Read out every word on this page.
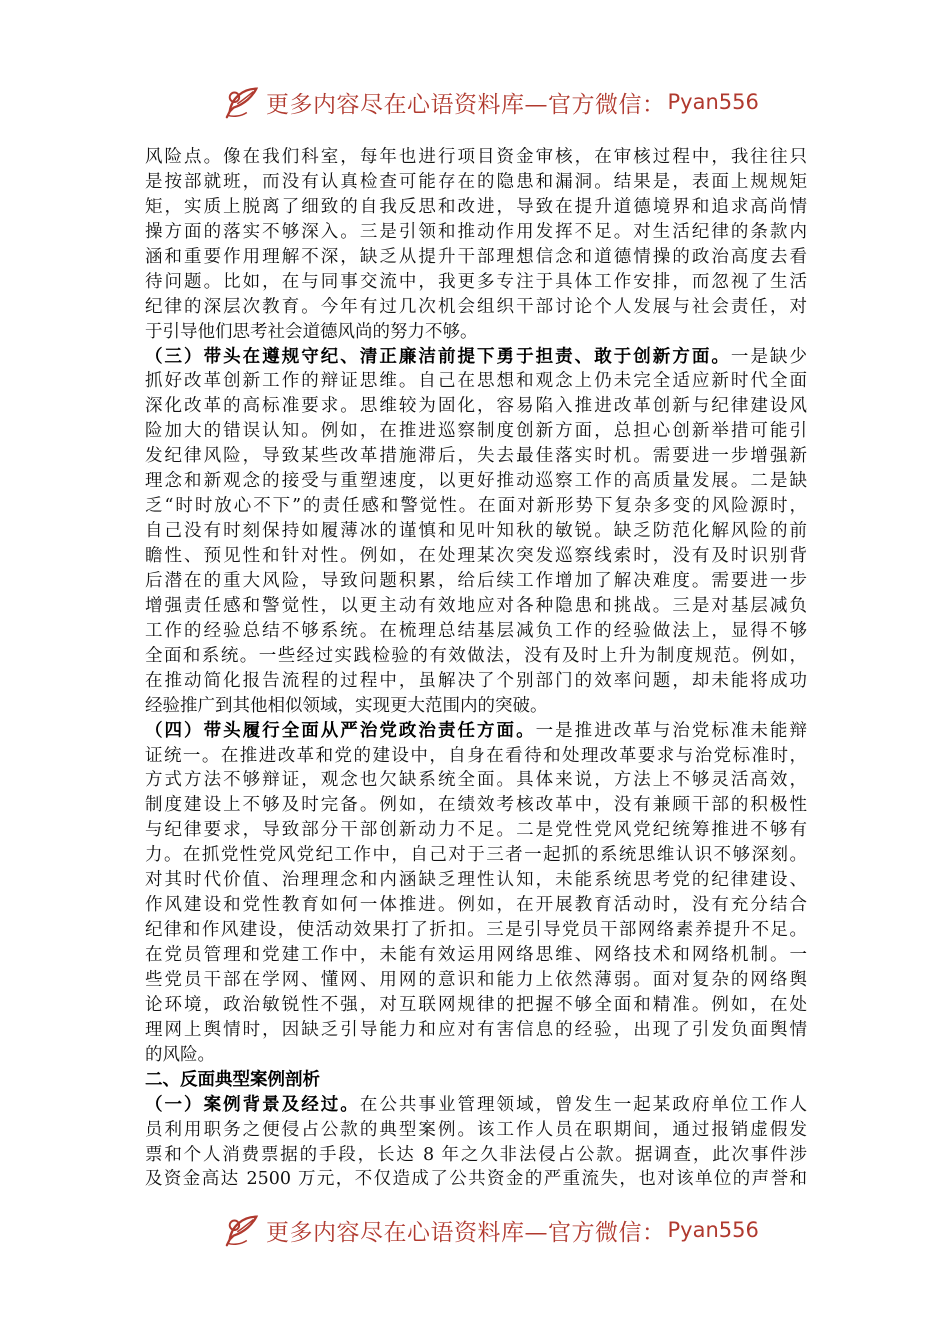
更多内容尽在心语资料库—官方微信： Pyan556
风险点。像在我们科室，每年也进行项目资金审核，在审核过程中，我往往只
是按部就班，而没有认真检查可能存在的隐患和漏洞。结果是，表面上规规矩
矩，实质上脱离了细致的自我反思和改进，导致在提升道德境界和追求高尚情
操方面的落实不够深入。三是引领和推动作用发挥不足。对生活纪律的条款内
涵和重要作用理解不深，缺乏从提升干部理想信念和道德情操的政治高度去看
待问题。比如，在与同事交流中，我更多专注于具体工作安排，而忽视了生活
纪律的深层次教育。今年有过几次机会组织干部讨论个人发展与社会责任，对
于引导他们思考社会道德风尚的努力不够。
（三）带头在遵规守纪、清正廉洁前提下勇于担责、敢于创新方面。一是缺少
抓好改革创新工作的辩证思维。自己在思想和观念上仍未完全适应新时代全面
深化改革的高标准要求。思维较为固化，容易陷入推进改革创新与纪律建设风
险加大的错误认知。例如，在推进巡察制度创新方面，总担心创新举措可能引
发纪律风险，导致某些改革措施滞后，失去最佳落实时机。需要进一步增强新
理念和新观念的接受与重塑速度，以更好推动巡察工作的高质量发展。二是缺
乏“时时放心不下”的责任感和警觉性。在面对新形势下复杂多变的风险源时，
自己没有时刻保持如履薄冰的谨慎和见叶知秋的敏锐。缺乏防范化解风险的前
瞻性、预见性和针对性。例如，在处理某次突发巡察线索时，没有及时识别背
后潜在的重大风险，导致问题积累，给后续工作增加了解决难度。需要进一步
增强责任感和警觉性，以更主动有效地应对各种隐患和挑战。三是对基层减负
工作的经验总结不够系统。在梳理总结基层减负工作的经验做法上，显得不够
全面和系统。一些经过实践检验的有效做法，没有及时上升为制度规范。例如，
在推动简化报告流程的过程中，虽解决了个别部门的效率问题，却未能将成功
经验推广到其他相似领域，实现更大范围内的突破。
（四）带头履行全面从严治党政治责任方面。一是推进改革与治党标准未能辩
证统一。在推进改革和党的建设中，自身在看待和处理改革要求与治党标准时，
方式方法不够辩证，观念也欠缺系统全面。具体来说，方法上不够灵活高效，
制度建设上不够及时完备。例如，在绩效考核改革中，没有兼顾干部的积极性
与纪律要求，导致部分干部创新动力不足。二是党性党风党纪统筹推进不够有
力。在抓党性党风党纪工作中，自己对于三者一起抓的系统思维认识不够深刻。
对其时代价值、治理理念和内涵缺乏理性认知，未能系统思考党的纪律建设、
作风建设和党性教育如何一体推进。例如，在开展教育活动时，没有充分结合
纪律和作风建设，使活动效果打了折扣。三是引导党员干部网络素养提升不足。
在党员管理和党建工作中，未能有效运用网络思维、网络技术和网络机制。一
些党员干部在学网、懂网、用网的意识和能力上依然薄弱。面对复杂的网络舆
论环境，政治敏锐性不强，对互联网规律的把握不够全面和精准。例如，在处
理网上舆情时，因缺乏引导能力和应对有害信息的经验，出现了引发负面舆情
的风险。
二、反面典型案例剖析
（一）案例背景及经过。在公共事业管理领域，曾发生一起某政府单位工作人
员利用职务之便侵占公款的典型案例。该工作人员在职期间，通过报销虚假发
票和个人消费票据的手段，长达 8 年之久非法侵占公款。据调查，此次事件涉
及资金高达 2500 万元，不仅造成了公共资金的严重流失，也对该单位的声誉和
更多内容尽在心语资料库—官方微信： Pyan556
